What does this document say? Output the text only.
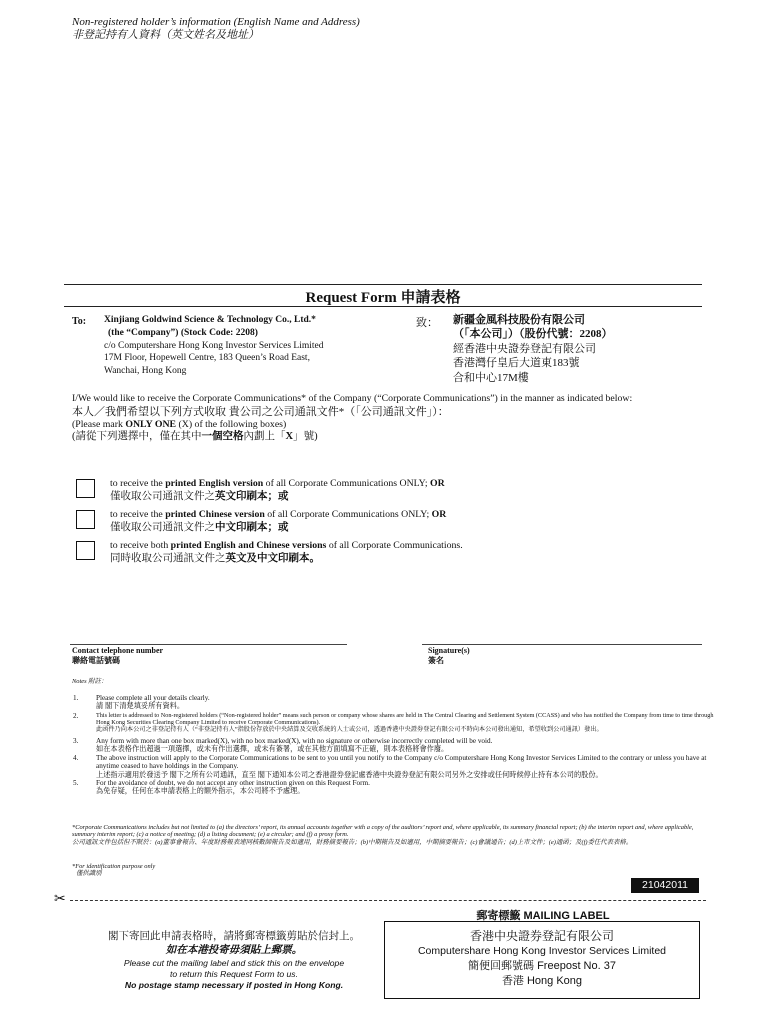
Non-registered holder’s information (English Name and Address)
非登記持有人資料（英文姓名及地址）
Request Form 申請表格
To: Xinjiang Goldwind Science & Technology Co., Ltd.*
(the “Company”) (Stock Code: 2208)
c/o Computershare Hong Kong Investor Services Limited
17M Floor, Hopewell Centre, 183 Queen’s Road East,
Wanchai, Hong Kong
致： 新疆金風科技股份有限公司
（「本公司」）（股份代號：2208）
經香港中央證券登記有限公司
香港灣仔皇后大道東183號
合和中心17M樓
I/We would like to receive the Corporate Communications* of the Company (“Corporate Communications”) in the manner as indicated below:
本人／我們希望以下列方式收取 貴公司之公司通訊文件*（「公司通訊文件」）：
(Please mark ONLY ONE (X) of the following boxes)
(請從下列選擇中，僅在其中一個空格內劃上「X」號)
to receive the printed English version of all Corporate Communications ONLY; OR
僅收取公司通訊文件之英文印刷本；或
to receive the printed Chinese version of all Corporate Communications ONLY; OR
僅收取公司通訊文件之中文印刷本；或
to receive both printed English and Chinese versions of all Corporate Communications.
同時收取公司通訊文件之英文及中文印刷本。
Contact telephone number
聯絡電話號碼
Signature(s)
簽名
Notes 附註：
1.	Please complete all your details clearly.
請 閣下清楚填妥所有資料。
2.	This letter is addressed to Non-registered holders (“Non-registered holder” means such person or company whose shares are held in The Central Clearing and Settlement System (CCASS) and who has notified the Company from time to time through Hong Kong Securities Clearing Company Limited to receive Corporate Communications).
此函件乃向本公司之非登記持有人（“非登記持有人”指股份存放於中央結算及交收系統的人士或公司，透過香港中央證券登記有限公司不時向本公司發出通知，希望收到公司通訊）發出。
3.	Any form with more than one box marked(X), with no box marked(X), with no signature or otherwise incorrectly completed will be void.
如在本表格作出超過一項選擇，或未有作出選擇，或未有簽署，或在其他方面填寫不正確，則本表格將會作廢。
4.	The above instruction will apply to the Corporate Communications to be sent to you until you notify to the Company c/o Computershare Hong Kong Investor Services Limited to the contrary or unless you have at anytime ceased to have holdings in the Company.
上述指示適用於發送予 閣下之所有公司通訊，直至 閣下通知本公司之香港證券登記處香港中央證券登記有限公司另外之安排或任何時候停止持有本公司的股份。
5.	For the avoidance of doubt, we do not accept any other instruction given on this Request Form.
為免存疑，任何在本申請表格上的額外指示，本公司將不予處理。
*Corporate Communications includes but not limited to (a) the directors’ report, its annual accounts together with a copy of the auditors’ report and, where applicable, its summary financial report; (b) the interim report and, where applicable, summary interim report; (c) a notice of meeting; (d) a listing document; (e) a circular; and (f) a proxy form.
公司通訊文件包括但不限於：(a)董事會報告、年度財務報表連同核數師報告及如適用，財務摘要報告；(b)中期報告及如適用，中期摘要報告；(c)會議通告；(d)上市文件；(e)通函；及(f)委任代表表格。
*For identification purpose only
僅供識別
21042011
✂
郵寄標籤 MAILING LABEL
閣下寄回此申請表格時，請將郵寄標籤剪貼於信封上。
如在本港投寄毋須貼上郵票。
Please cut the mailing label and stick this on the envelope
to return this Request Form to us.
No postage stamp necessary if posted in Hong Kong.
香港中央證券登記有限公司
Computershare Hong Kong Investor Services Limited
簡便回郵號碼 Freepost No. 37
香港 Hong Kong
